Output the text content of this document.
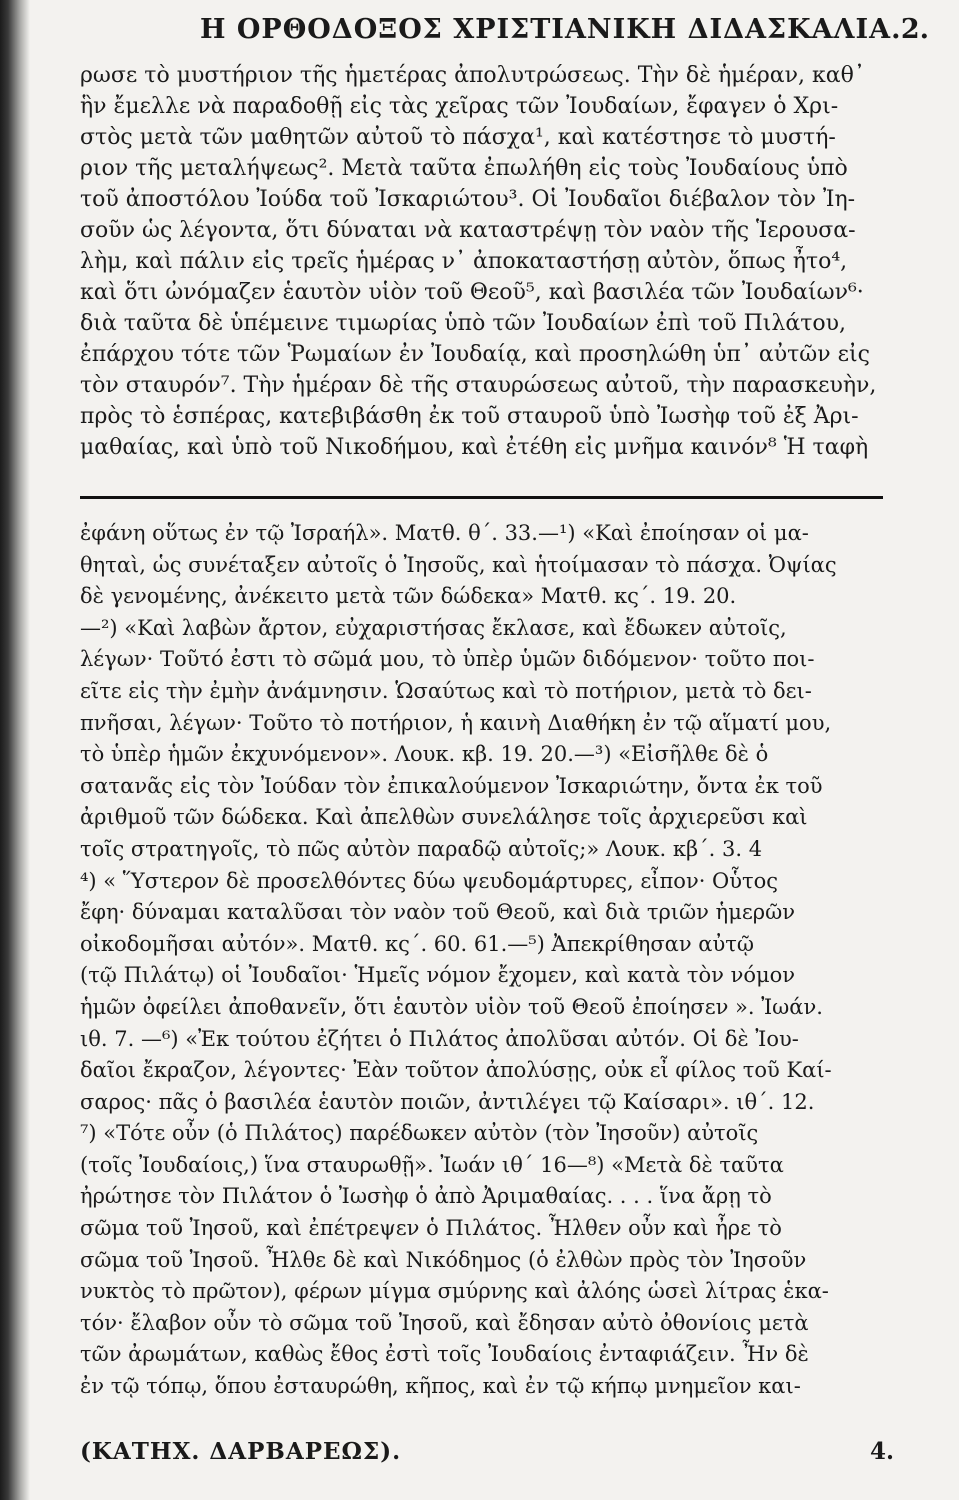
Η ΟΡΘΟΔΟΞΟΣ ΧΡΙΣΤΙΑΝΙΚΗ ΔΙΔΑΣΚΑΛΙΑ. 2.
ρωσε τὸ μυστήριον τῆς ἡμετέρας ἀπολυτρώσεως. Τὴν δὲ ἡμέραν, καθ᾽
ἣν ἔμελλε νὰ παραδοθῇ εἰς τὰς χεῖρας τῶν Ἰουδαίων, ἔφαγεν ὁ Χρι-
στὸς μετὰ τῶν μαθητῶν αὐτοῦ τὸ πάσχα¹, καὶ κατέστησε τὸ μυστή-
ριον τῆς μεταλήψεως². Μετὰ ταῦτα ἐπωλήθη εἰς τοὺς Ἰουδαίους ὑπὸ
τοῦ ἀποστόλου Ἰούδα τοῦ Ἰσκαριώτου³. Οἱ Ἰουδαῖοι διέβαλον τὸν Ἰη-
σοῦν ὡς λέγοντα, ὅτι δύναται νὰ καταστρέψῃ τὸν ναὸν τῆς Ἱερουσα-
λὴμ, καὶ πάλιν εἰς τρεῖς ἡμέρας ν᾽ ἀποκαταστήσῃ αὐτὸν, ὅπως ἦτο⁴,
καὶ ὅτι ὠνόμαζεν ἑαυτὸν υἱὸν τοῦ Θεοῦ⁵, καὶ βασιλέα τῶν Ἰουδαίων⁶·
διὰ ταῦτα δὲ ὑπέμεινε τιμωρίας ὑπὸ τῶν Ἰουδαίων ἐπὶ τοῦ Πιλάτου,
ἐπάρχου τότε τῶν Ῥωμαίων ἐν Ἰουδαίᾳ, καὶ προσηλώθη ὑπ᾽ αὐτῶν εἰς
τὸν σταυρόν⁷. Τὴν ἡμέραν δὲ τῆς σταυρώσεως αὐτοῦ, τὴν παρασκευὴν,
πρὸς τὸ ἑσπέρας, κατεβιβάσθη ἐκ τοῦ σταυροῦ ὑπὸ Ἰωσὴφ τοῦ ἐξ Ἀρι-
μαθαίας, καὶ ὑπὸ τοῦ Νικοδήμου, καὶ ἐτέθη εἰς μνῆμα καινόν⁸ Ἡ ταφὴ
ἐφάνη οὕτως ἐν τῷ Ἰσραήλ». Ματθ. θ΄. 33.—¹) «Καὶ ἐποίησαν οἱ μα-
θηταὶ, ὡς συνέταξεν αὐτοῖς ὁ Ἰησοῦς, καὶ ἡτοίμασαν τὸ πάσχα. Ὀψίας
δὲ γενομένης, ἀνέκειτο μετὰ τῶν δώδεκα» Ματθ. κς΄. 19. 20.
—²) «Καὶ λαβὼν ἄρτον, εὐχαριστήσας ἔκλασε, καὶ ἔδωκεν αὐτοῖς,
λέγων· Τοῦτό ἐστι τὸ σῶμά μου, τὸ ὑπὲρ ὑμῶν διδόμενον· τοῦτο ποι-
εῖτε εἰς τὴν ἐμὴν ἀνάμνησιν. Ὡσαύτως καὶ τὸ ποτήριον, μετὰ τὸ δει-
πνῆσαι, λέγων· Τοῦτο τὸ ποτήριον, ἡ καινὴ Διαθήκη ἐν τῷ αἵματί μου,
τὸ ὑπὲρ ἡμῶν ἐκχυνόμενον». Λουκ. κβ. 19. 20.—³) «Εἰσῆλθε δὲ ὁ
σατανᾶς εἰς τὸν Ἰούδαν τὸν ἐπικαλούμενον Ἰσκαριώτην, ὄντα ἐκ τοῦ
ἀριθμοῦ τῶν δώδεκα. Καὶ ἀπελθὼν συνελάλησε τοῖς ἀρχιερεῦσι καὶ
τοῖς στρατηγοῖς, τὸ πῶς αὐτὸν παραδῷ αὐτοῖς;» Λουκ. κβ΄. 3. 4
⁴) « Ὕστερον δὲ προσελθόντες δύω ψευδομάρτυρες, εἶπον· Οὗτος
ἔφη· δύναμαι καταλῦσαι τὸν ναὸν τοῦ Θεοῦ, καὶ διὰ τριῶν ἡμερῶν
οἰκοδομῆσαι αὐτόν». Ματθ. κς΄. 60. 61.—⁵) Ἀπεκρίθησαν αὐτῷ
(τῷ Πιλάτῳ) οἱ Ἰουδαῖοι· Ἡμεῖς νόμον ἔχομεν, καὶ κατὰ τὸν νόμον
ἡμῶν ὀφείλει ἀποθανεῖν, ὅτι ἑαυτὸν υἱὸν τοῦ Θεοῦ ἐποίησεν ». Ἰωάν.
ιθ. 7. —⁶) «Ἐκ τούτου ἐζήτει ὁ Πιλάτος ἀπολῦσαι αὐτόν. Οἱ δὲ Ἰου-
δαῖοι ἔκραζον, λέγοντες· Ἐὰν τοῦτον ἀπολύσῃς, οὐκ εἶ φίλος τοῦ Καί-
σαρος· πᾶς ὁ βασιλέα ἑαυτὸν ποιῶν, ἀντιλέγει τῷ Καίσαρι». ιθ΄. 12.
⁷) «Τότε οὖν (ὁ Πιλάτος) παρέδωκεν αὐτὸν (τὸν Ἰησοῦν) αὐτοῖς
(τοῖς Ἰουδαίοις,) ἵνα σταυρωθῇ». Ἰωάν ιθ΄ 16—⁸) «Μετὰ δὲ ταῦτα
ἠρώτησε τὸν Πιλάτον ὁ Ἰωσὴφ ὁ ἀπὸ Ἀριμαθαίας. . . . ἵνα ἄρῃ τὸ
σῶμα τοῦ Ἰησοῦ, καὶ ἐπέτρεψεν ὁ Πιλάτος. Ἦλθεν οὖν καὶ ἦρε τὸ
σῶμα τοῦ Ἰησοῦ. Ἦλθε δὲ καὶ Νικόδημος (ὁ ἐλθὼν πρὸς τὸν Ἰησοῦν
νυκτὸς τὸ πρῶτον), φέρων μίγμα σμύρνης καὶ ἀλόης ὡσεὶ λίτρας ἑκα-
τόν· ἔλαβον οὖν τὸ σῶμα τοῦ Ἰησοῦ, καὶ ἔδησαν αὐτὸ ὀθονίοις μετὰ
τῶν ἀρωμάτων, καθὼς ἔθος ἐστὶ τοῖς Ἰουδαίοις ἐνταφιάζειν. Ἦν δὲ
ἐν τῷ τόπῳ, ὅπου ἐσταυρώθη, κῆπος, καὶ ἐν τῷ κήπῳ μνημεῖον και-
(ΚΑΤΗΧ. ΔΑΡΒΑΡΕΩΣ).	4.
